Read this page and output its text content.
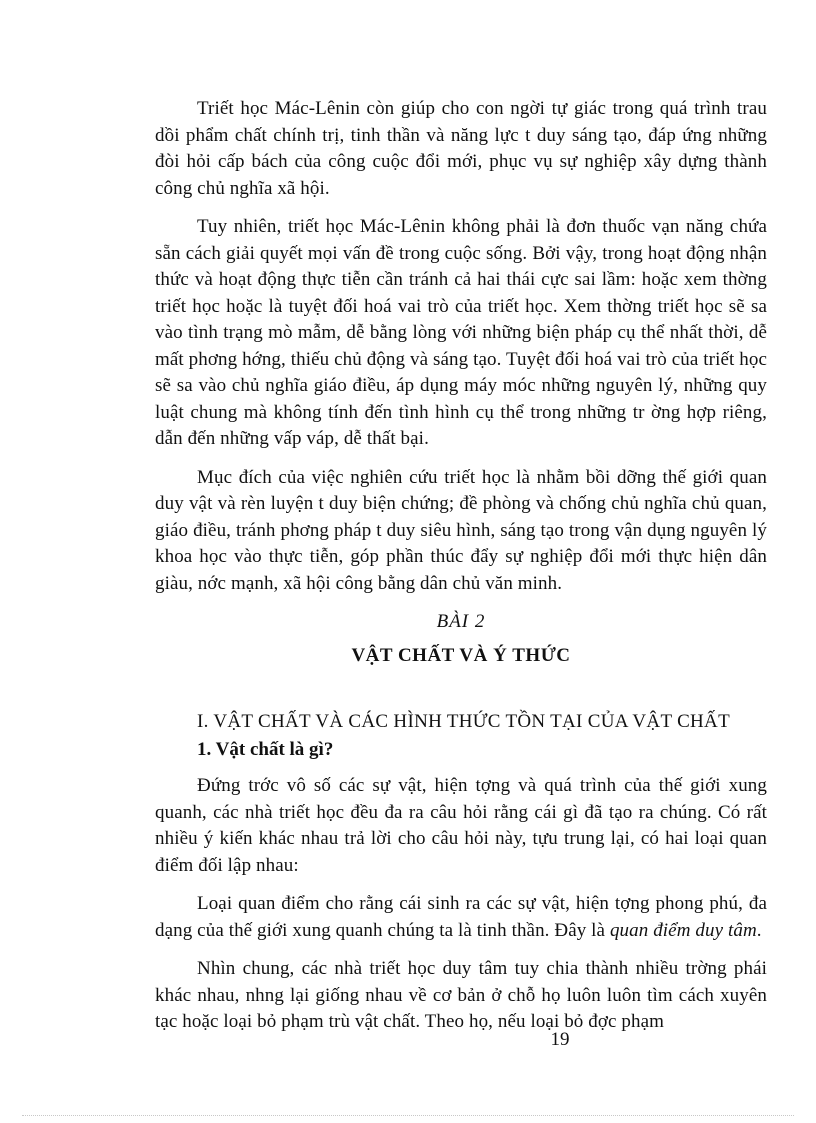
Triết học Mác-Lênin còn giúp cho con ngời tự giác trong quá trình trau dồi phẩm chất chính trị, tinh thần và năng lực t duy sáng tạo, đáp ứng những đòi hỏi cấp bách của công cuộc đổi mới, phục vụ sự nghiệp xây dựng thành công chủ nghĩa xã hội.

Tuy nhiên, triết học Mác-Lênin không phải là đơn thuốc vạn năng chứa sẵn cách giải quyết mọi vấn đề trong cuộc sống. Bởi vậy, trong hoạt động nhận thức và hoạt động thực tiễn cần tránh cả hai thái cực sai lầm: hoặc xem thờng triết học hoặc là tuyệt đối hoá vai trò của triết học. Xem thờng triết học sẽ sa vào tình trạng mò mẫm, dễ bằng lòng với những biện pháp cụ thể nhất thời, dễ mất phơng hớng, thiếu chủ động và sáng tạo. Tuyệt đối hoá vai trò của triết học sẽ sa vào chủ nghĩa giáo điều, áp dụng máy móc những nguyên lý, những quy luật chung mà không tính đến tình hình cụ thể trong những tr ờng hợp riêng, dẫn đến những vấp váp, dễ thất bại.

Mục đích của việc nghiên cứu triết học là nhằm bồi dỡng thế giới quan duy vật và rèn luyện t duy biện chứng; đề phòng và chống chủ nghĩa chủ quan, giáo điều, tránh phơng pháp t duy siêu hình, sáng tạo trong vận dụng nguyên lý khoa học vào thực tiễn, góp phần thúc đẩy sự nghiệp đổi mới thực hiện dân giàu, nớc mạnh, xã hội công bằng dân chủ văn minh.

BÀI 2
VẬT CHẤT VÀ Ý THỨC
I. VẬT CHẤT VÀ CÁC HÌNH THỨC TỒN TẠI CỦA VẬT CHẤT
1. Vật chất là gì?

Đứng trớc vô số các sự vật, hiện tợng và quá trình của thế giới xung quanh, các nhà triết học đều đa ra câu hỏi rằng cái gì đã tạo ra chúng. Có rất nhiều ý kiến khác nhau trả lời cho câu hỏi này, tựu trung lại, có hai loại quan điểm đối lập nhau:

Loại quan điểm cho rằng cái sinh ra các sự vật, hiện tợng phong phú, đa dạng của thế giới xung quanh chúng ta là tinh thần. Đây là quan điểm duy tâm.

Nhìn chung, các nhà triết học duy tâm tuy chia thành nhiều trờng phái khác nhau, nhng lại giống nhau về cơ bản ở chỗ họ luôn luôn tìm cách xuyên tạc hoặc loại bỏ phạm trù vật chất. Theo họ, nếu loại bỏ đợc phạm

19
